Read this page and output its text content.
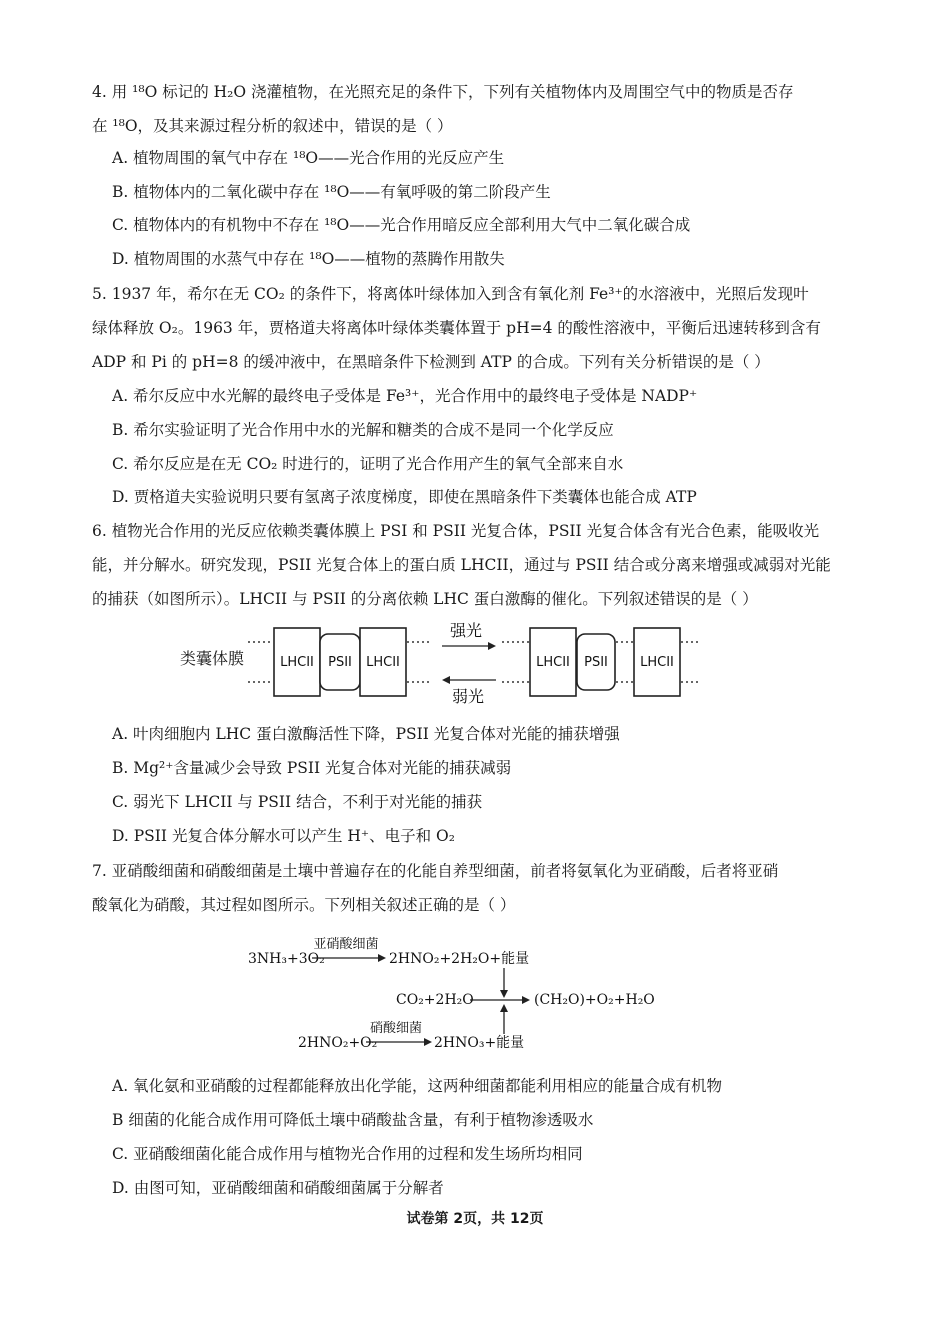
4. 用 ¹⁸O 标记的 H₂O 浇灌植物，在光照充足的条件下，下列有关植物体内及周围空气中的物质是否存
在 ¹⁸O，及其来源过程分析的叙述中，错误的是（ ）
A. 植物周围的氧气中存在 ¹⁸O——光合作用的光反应产生
B. 植物体内的二氧化碳中存在 ¹⁸O——有氧呼吸的第二阶段产生
C. 植物体内的有机物中不存在 ¹⁸O——光合作用暗反应全部利用大气中二氧化碳合成
D. 植物周围的水蒸气中存在 ¹⁸O——植物的蒸腾作用散失
5. 1937 年，希尔在无 CO₂ 的条件下，将离体叶绿体加入到含有氧化剂 Fe³⁺的水溶液中，光照后发现叶
绿体释放 O₂。1963 年，贾格道夫将离体叶绿体类囊体置于 pH=4 的酸性溶液中，平衡后迅速转移到含有
ADP 和 Pi 的 pH=8 的缓冲液中，在黑暗条件下检测到 ATP 的合成。下列有关分析错误的是（ ）
A. 希尔反应中水光解的最终电子受体是 Fe³⁺，光合作用中的最终电子受体是 NADP⁺
B. 希尔实验证明了光合作用中水的光解和糖类的合成不是同一个化学反应
C. 希尔反应是在无 CO₂ 时进行的，证明了光合作用产生的氧气全部来自水
D. 贾格道夫实验说明只要有氢离子浓度梯度，即使在黑暗条件下类囊体也能合成 ATP
6. 植物光合作用的光反应依赖类囊体膜上 PSI 和 PSII 光复合体，PSII 光复合体含有光合色素，能吸收光
能，并分解水。研究发现，PSII 光复合体上的蛋白质 LHCII，通过与 PSII 结合或分离来增强或减弱对光能
的捕获（如图所示）。LHCII 与 PSII 的分离依赖 LHC 蛋白激酶的催化。下列叙述错误的是（ ）
类囊体膜	LHCII PSII LHCII
强光
弱光
LHCII PSII LHCII
A. 叶肉细胞内 LHC 蛋白激酶活性下降，PSII 光复合体对光能的捕获增强
B. Mg²⁺含量减少会导致 PSII 光复合体对光能的捕获减弱
C. 弱光下 LHCII 与 PSII 结合，不利于对光能的捕获
D. PSII 光复合体分解水可以产生 H⁺、电子和 O₂
7. 亚硝酸细菌和硝酸细菌是土壤中普遍存在的化能自养型细菌，前者将氨氧化为亚硝酸，后者将亚硝
酸氧化为硝酸，其过程如图所示。下列相关叙述正确的是（ ）
3NH₃+3O₂
亚硝酸细菌
2HNO₂+2H₂O+能量
CO₂+2H₂O	(CH₂O)+O₂+H₂O
2HNO₂+O₂
硝酸细菌
2HNO₃+能量
A. 氧化氨和亚硝酸的过程都能释放出化学能，这两种细菌都能利用相应的能量合成有机物
B 细菌的化能合成作用可降低土壤中硝酸盐含量，有利于植物渗透吸水
C. 亚硝酸细菌化能合成作用与植物光合作用的过程和发生场所均相同
D. 由图可知，亚硝酸细菌和硝酸细菌属于分解者
试卷第 2页，共 12页
